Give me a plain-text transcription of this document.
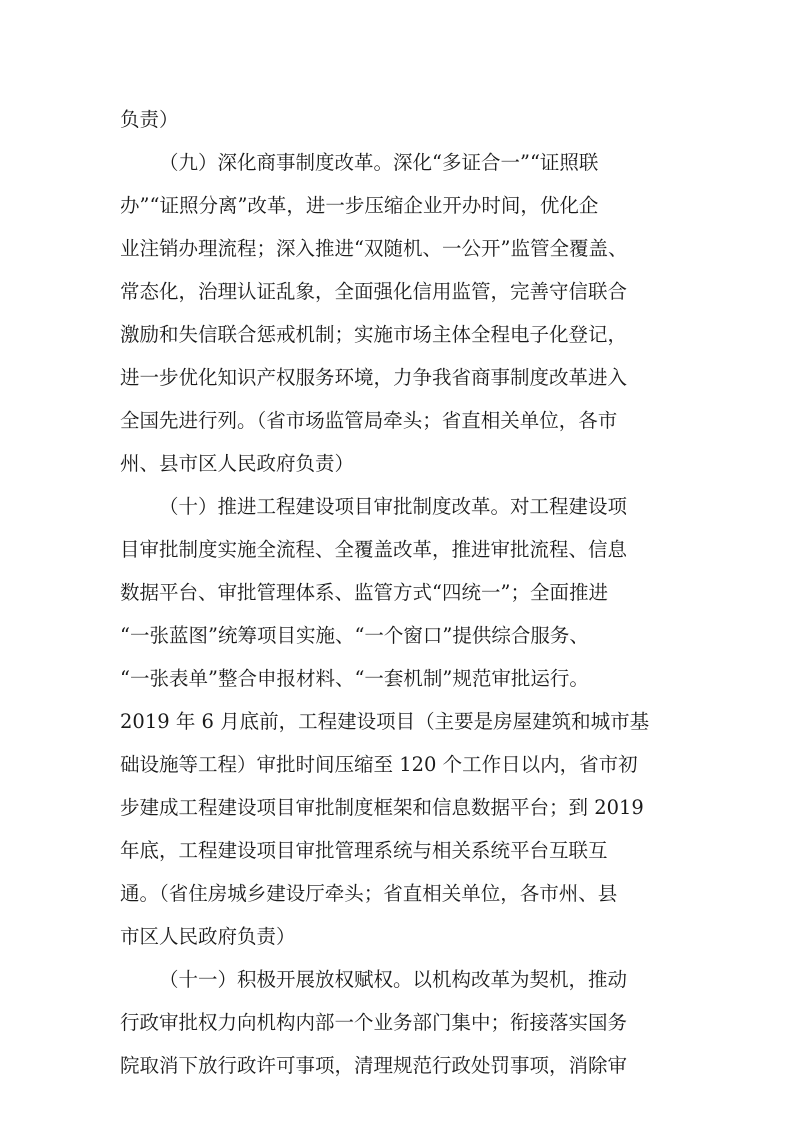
负责）
（九）深化商事制度改革。深化“多证合一”“证照联
办”“证照分离”改革，进一步压缩企业开办时间，优化企
业注销办理流程；深入推进“双随机、一公开”监管全覆盖、
常态化，治理认证乱象，全面强化信用监管，完善守信联合
激励和失信联合惩戒机制；实施市场主体全程电子化登记，
进一步优化知识产权服务环境，力争我省商事制度改革进入
全国先进行列。（省市场监管局牵头；省直相关单位，各市
州、县市区人民政府负责）
（十）推进工程建设项目审批制度改革。对工程建设项
目审批制度实施全流程、全覆盖改革，推进审批流程、信息
数据平台、审批管理体系、监管方式“四统一”；全面推进
“一张蓝图”统筹项目实施、“一个窗口”提供综合服务、
“一张表单”整合申报材料、“一套机制”规范审批运行。
2019 年 6 月底前，工程建设项目（主要是房屋建筑和城市基
础设施等工程）审批时间压缩至 120 个工作日以内，省市初
步建成工程建设项目审批制度框架和信息数据平台；到 2019
年底，工程建设项目审批管理系统与相关系统平台互联互
通。（省住房城乡建设厅牵头；省直相关单位，各市州、县
市区人民政府负责）
（十一）积极开展放权赋权。以机构改革为契机，推动
行政审批权力向机构内部一个业务部门集中；衔接落实国务
院取消下放行政许可事项，清理规范行政处罚事项，消除审
